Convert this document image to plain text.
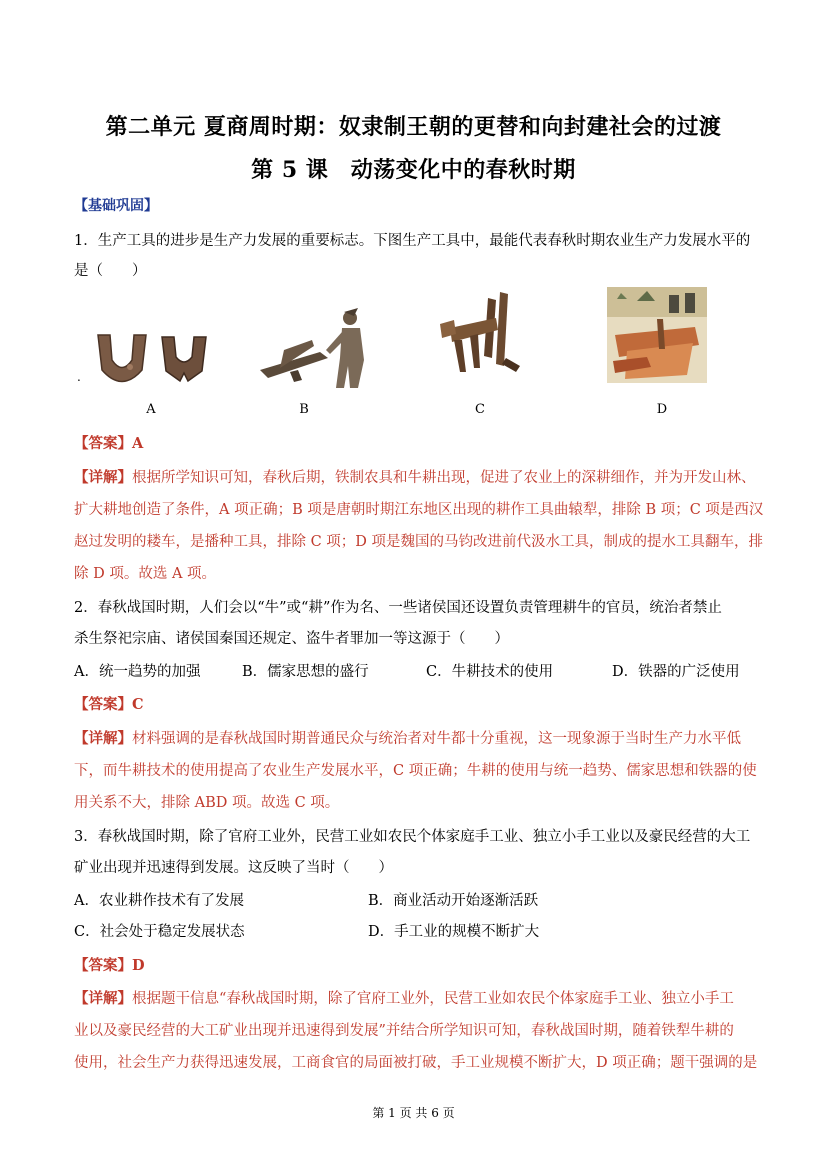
第二单元 夏商周时期：奴隶制王朝的更替和向封建社会的过渡
第 5 课　动荡变化中的春秋时期
【基础巩固】
1．生产工具的进步是生产力发展的重要标志。下图生产工具中，最能代表春秋时期农业生产力发展水平的
是（　　）
.
A	B	C	D
【答案】A
【详解】根据所学知识可知，春秋后期，铁制农具和牛耕出现，促进了农业上的深耕细作，并为开发山林、
扩大耕地创造了条件，A 项正确；B 项是唐朝时期江东地区出现的耕作工具曲辕犁，排除 B 项；C 项是西汉
赵过发明的耧车，是播种工具，排除 C 项；D 项是魏国的马钧改进前代汲水工具，制成的提水工具翻车，排
除 D 项。故选 A 项。
2．春秋战国时期，人们会以“牛”或“耕”作为名、一些诸侯国还设置负责管理耕牛的官员，统治者禁止
杀生祭祀宗庙、诸侯国秦国还规定、盗牛者罪加一等这源于（　　）
A．统一趋势的加强	B．儒家思想的盛行	C．牛耕技术的使用	D．铁器的广泛使用
【答案】C
【详解】材料强调的是春秋战国时期普通民众与统治者对牛都十分重视，这一现象源于当时生产力水平低
下，而牛耕技术的使用提高了农业生产发展水平，C 项正确；牛耕的使用与统一趋势、儒家思想和铁器的使
用关系不大，排除 ABD 项。故选 C 项。
3．春秋战国时期，除了官府工业外，民营工业如农民个体家庭手工业、独立小手工业以及豪民经营的大工
矿业出现并迅速得到发展。这反映了当时（　　）
A．农业耕作技术有了发展	B．商业活动开始逐渐活跃
C．社会处于稳定发展状态	D．手工业的规模不断扩大
【答案】D
【详解】根据题干信息“春秋战国时期，除了官府工业外，民营工业如农民个体家庭手工业、独立小手工
业以及豪民经营的大工矿业出现并迅速得到发展”并结合所学知识可知，春秋战国时期，随着铁犁牛耕的
使用，社会生产力获得迅速发展，工商食官的局面被打破，手工业规模不断扩大，D 项正确；题干强调的是
第 1 页 共 6 页
